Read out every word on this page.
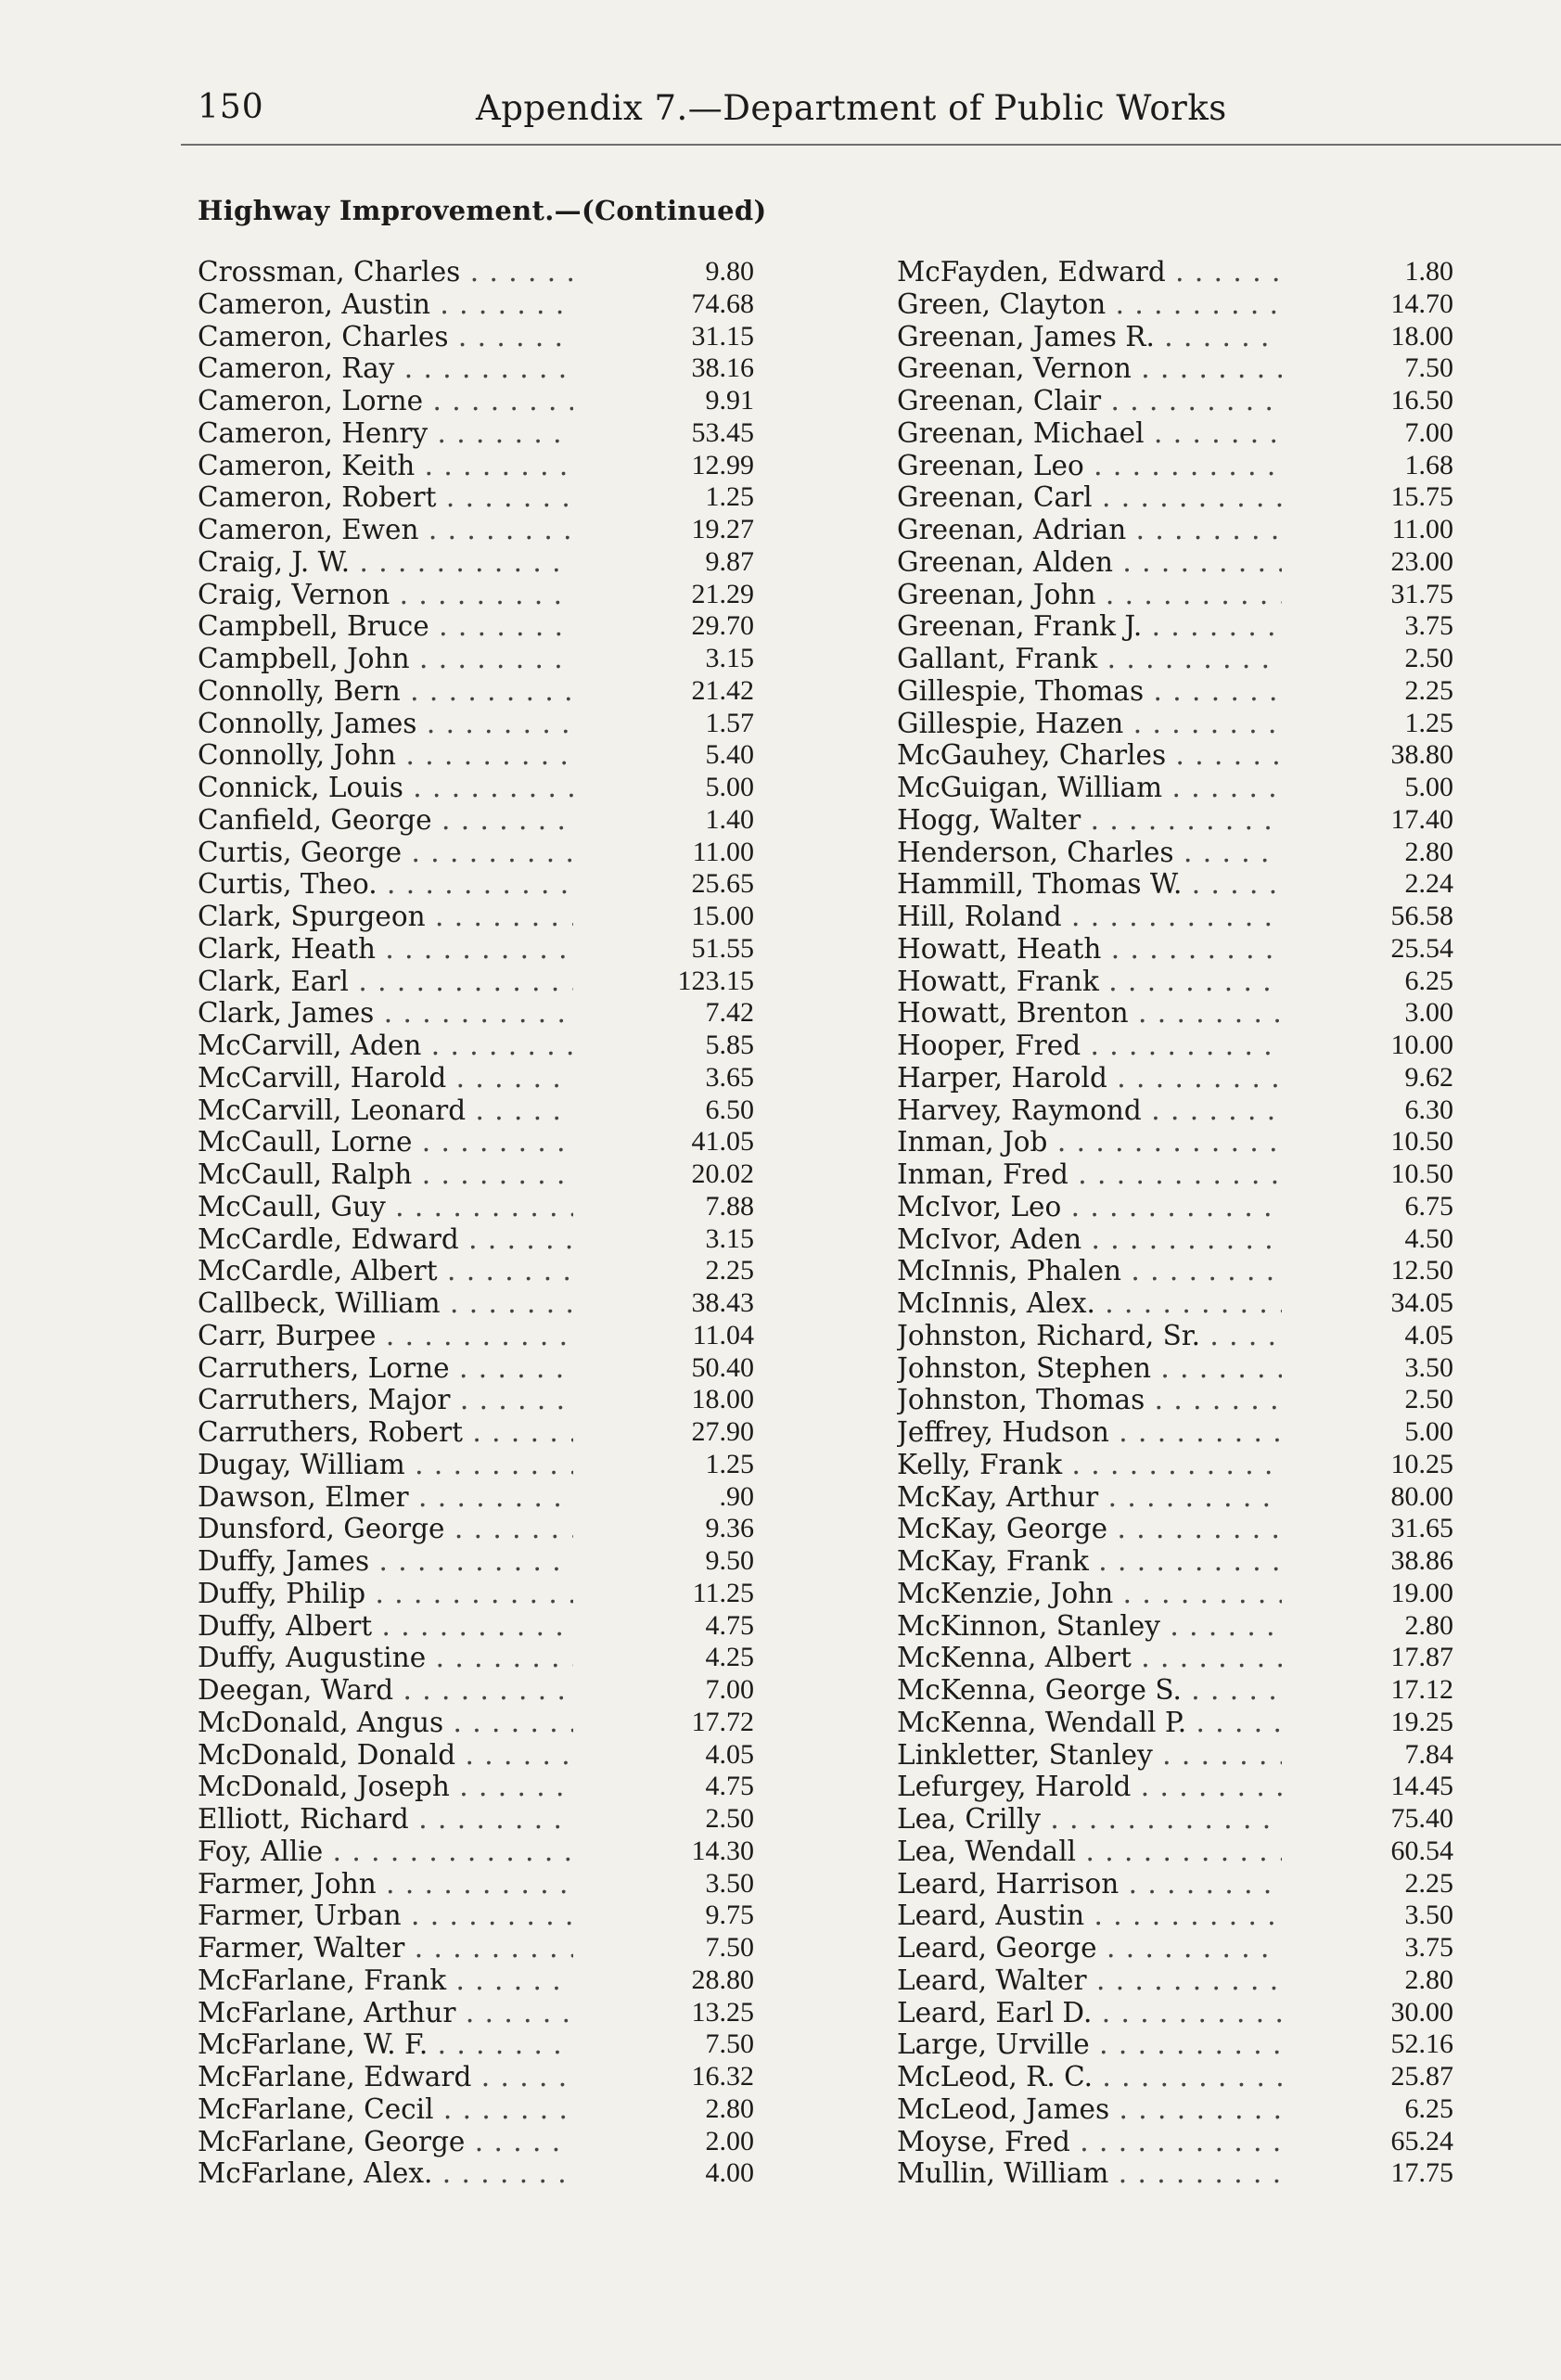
150	Appendix 7.—Department of Public Works
Highway Improvement.—(Continued)
Crossman, Charles . . .	9.80
Cameron, Austin . . .	74.68
Cameron, Charles . . .	31.15
Cameron, Ray . . .	38.16
Cameron, Lorne . . .	9.91
Cameron, Henry . . .	53.45
Cameron, Keith . . .	12.99
Cameron, Robert . . .	1.25
Cameron, Ewen . . .	19.27
Craig, J. W. . . .	9.87
Craig, Vernon . . .	21.29
Campbell, Bruce . . .	29.70
Campbell, John . . .	3.15
Connolly, Bern . . .	21.42
Connolly, James . . .	1.57
Connolly, John . . .	5.40
Connick, Louis . . .	5.00
Canfield, George . . .	1.40
Curtis, George . . .	11.00
Curtis, Theo. . . .	25.65
Clark, Spurgeon . . .	15.00
Clark, Heath . . .	51.55
Clark, Earl . . .	123.15
Clark, James . . .	7.42
McCarvill, Aden . . .	5.85
McCarvill, Harold . . .	3.65
McCarvill, Leonard . . .	6.50
McCaull, Lorne . . .	41.05
McCaull, Ralph . . .	20.02
McCaull, Guy . . .	7.88
McCardle, Edward . . .	3.15
McCardle, Albert . . .	2.25
Callbeck, William . . .	38.43
Carr, Burpee . . .	11.04
Carruthers, Lorne . . .	50.40
Carruthers, Major . . .	18.00
Carruthers, Robert . . .	27.90
Dugay, William . . .	1.25
Dawson, Elmer . . .	.90
Dunsford, George . . .	9.36
Duffy, James . . .	9.50
Duffy, Philip . . .	11.25
Duffy, Albert . . .	4.75
Duffy, Augustine . . .	4.25
Deegan, Ward . . .	7.00
McDonald, Angus . . .	17.72
McDonald, Donald . . .	4.05
McDonald, Joseph . . .	4.75
Elliott, Richard . . .	2.50
Foy, Allie . . .	14.30
Farmer, John . . .	3.50
Farmer, Urban . . .	9.75
Farmer, Walter . . .	7.50
McFarlane, Frank . . .	28.80
McFarlane, Arthur . . .	13.25
McFarlane, W. F. . . .	7.50
McFarlane, Edward . . .	16.32
McFarlane, Cecil . . .	2.80
McFarlane, George . . .	2.00
McFarlane, Alex. . . .	4.00
McFayden, Edward . . .	1.80
Green, Clayton . . .	14.70
Greenan, James R. . . .	18.00
Greenan, Vernon . . .	7.50
Greenan, Clair . . .	16.50
Greenan, Michael . . .	7.00
Greenan, Leo . . .	1.68
Greenan, Carl . . .	15.75
Greenan, Adrian . . .	11.00
Greenan, Alden . . .	23.00
Greenan, John . . .	31.75
Greenan, Frank J. . . .	3.75
Gallant, Frank . . .	2.50
Gillespie, Thomas . . .	2.25
Gillespie, Hazen . . .	1.25
McGauhey, Charles . . .	38.80
McGuigan, William . . .	5.00
Hogg, Walter . . .	17.40
Henderson, Charles . . .	2.80
Hammill, Thomas W. . . .	2.24
Hill, Roland . . .	56.58
Howatt, Heath . . .	25.54
Howatt, Frank . . .	6.25
Howatt, Brenton . . .	3.00
Hooper, Fred . . .	10.00
Harper, Harold . . .	9.62
Harvey, Raymond . . .	6.30
Inman, Job . . .	10.50
Inman, Fred . . .	10.50
McIvor, Leo . . .	6.75
McIvor, Aden . . .	4.50
McInnis, Phalen . . .	12.50
McInnis, Alex. . . .	34.05
Johnston, Richard, Sr. . . .	4.05
Johnston, Stephen . . .	3.50
Johnston, Thomas . . .	2.50
Jeffrey, Hudson . . .	5.00
Kelly, Frank . . .	10.25
McKay, Arthur . . .	80.00
McKay, George . . .	31.65
McKay, Frank . . .	38.86
McKenzie, John . . .	19.00
McKinnon, Stanley . . .	2.80
McKenna, Albert . . .	17.87
McKenna, George S. . . .	17.12
McKenna, Wendall P. . . .	19.25
Linkletter, Stanley . . .	7.84
Lefurgey, Harold . . .	14.45
Lea, Crilly . . .	75.40
Lea, Wendall . . .	60.54
Leard, Harrison . . .	2.25
Leard, Austin . . .	3.50
Leard, George . . .	3.75
Leard, Walter . . .	2.80
Leard, Earl D. . . .	30.00
Large, Urville . . .	52.16
McLeod, R. C. . . .	25.87
McLeod, James . . .	6.25
Moyse, Fred . . .	65.24
Mullin, William . . .	17.75
